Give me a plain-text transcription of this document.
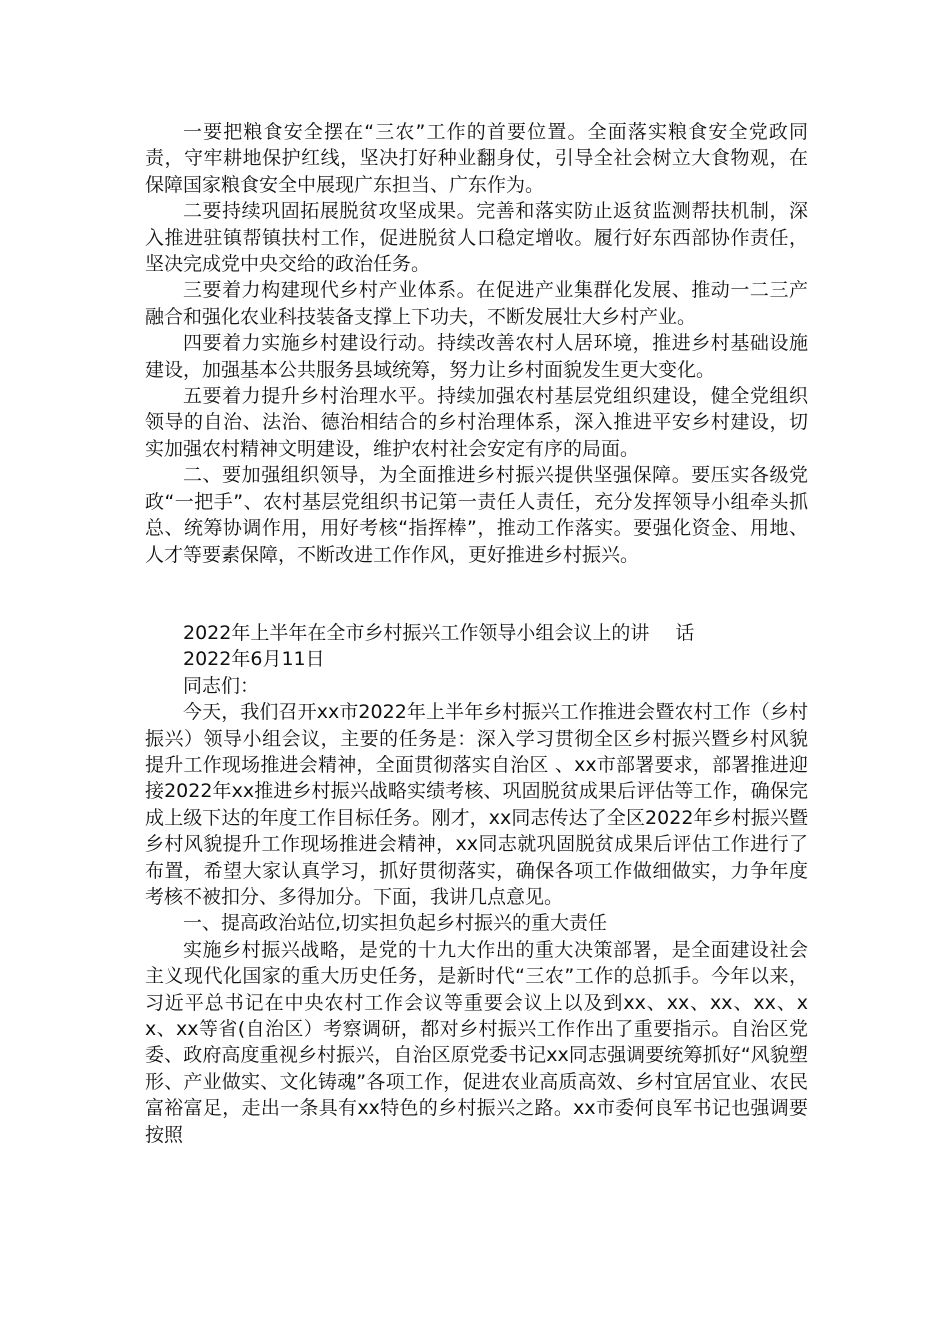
一要把粮食安全摆在“三农”工作的首要位置。全面落实粮食安全党政同责，守牢耕地保护红线，坚决打好种业翻身仗，引导全社会树立大食物观，在保障国家粮食安全中展现广东担当、广东作为。

二要持续巩固拓展脱贫攻坚成果。完善和落实防止返贫监测帮扶机制，深入推进驻镇帮镇扶村工作，促进脱贫人口稳定增收。履行好东西部协作责任，坚决完成党中央交给的政治任务。

三要着力构建现代乡村产业体系。在促进产业集群化发展、推动一二三产融合和强化农业科技装备支撑上下功夫，不断发展壮大乡村产业。

四要着力实施乡村建设行动。持续改善农村人居环境，推进乡村基础设施建设，加强基本公共服务县域统筹，努力让乡村面貌发生更大变化。

五要着力提升乡村治理水平。持续加强农村基层党组织建设，健全党组织领导的自治、法治、德治相结合的乡村治理体系，深入推进平安乡村建设，切实加强农村精神文明建设，维护农村社会安定有序的局面。

二、要加强组织领导，为全面推进乡村振兴提供坚强保障。要压实各级党政“一把手”、农村基层党组织书记第一责任人责任，充分发挥领导小组牵头抓总、统筹协调作用，用好考核“指挥棒”，推动工作落实。要强化资金、用地、人才等要素保障，不断改进工作作风，更好推进乡村振兴。

2022年上半年在全市乡村振兴工作领导小组会议上的讲 话

2022年6月11日

同志们：

今天，我们召开xx市2022年上半年乡村振兴工作推进会暨农村工作（乡村振兴）领导小组会议，主要的任务是：深入学习贯彻全区乡村振兴暨乡村风貌提升工作现场推进会精神，全面贯彻落实自治区 、xx市部署要求，部署推进迎接2022年xx推进乡村振兴战略实绩考核、巩固脱贫成果后评估等工作，确保完成上级下达的年度工作目标任务。刚才，xx同志传达了全区2022年乡村振兴暨乡村风貌提升工作现场推进会精神，xx同志就巩固脱贫成果后评估工作进行了布置，希望大家认真学习，抓好贯彻落实，确保各项工作做细做实，力争年度考核不被扣分、多得加分。下面，我讲几点意见。

一、提高政治站位,切实担负起乡村振兴的重大责任

实施乡村振兴战略，是党的十九大作出的重大决策部署，是全面建设社会主义现代化国家的重大历史任务，是新时代“三农”工作的总抓手。今年以来，习近平总书记在中央农村工作会议等重要会议上以及到xx、xx、xx、xx、xx、xx等省(自治区）考察调研，都对乡村振兴工作作出了重要指示。自治区党委、政府高度重视乡村振兴，自治区原党委书记xx同志强调要统筹抓好“风貌塑形、产业做实、文化铸魂”各项工作，促进农业高质高效、乡村宜居宜业、农民富裕富足，走出一条具有xx特色的乡村振兴之路。xx市委何良军书记也强调要按照
